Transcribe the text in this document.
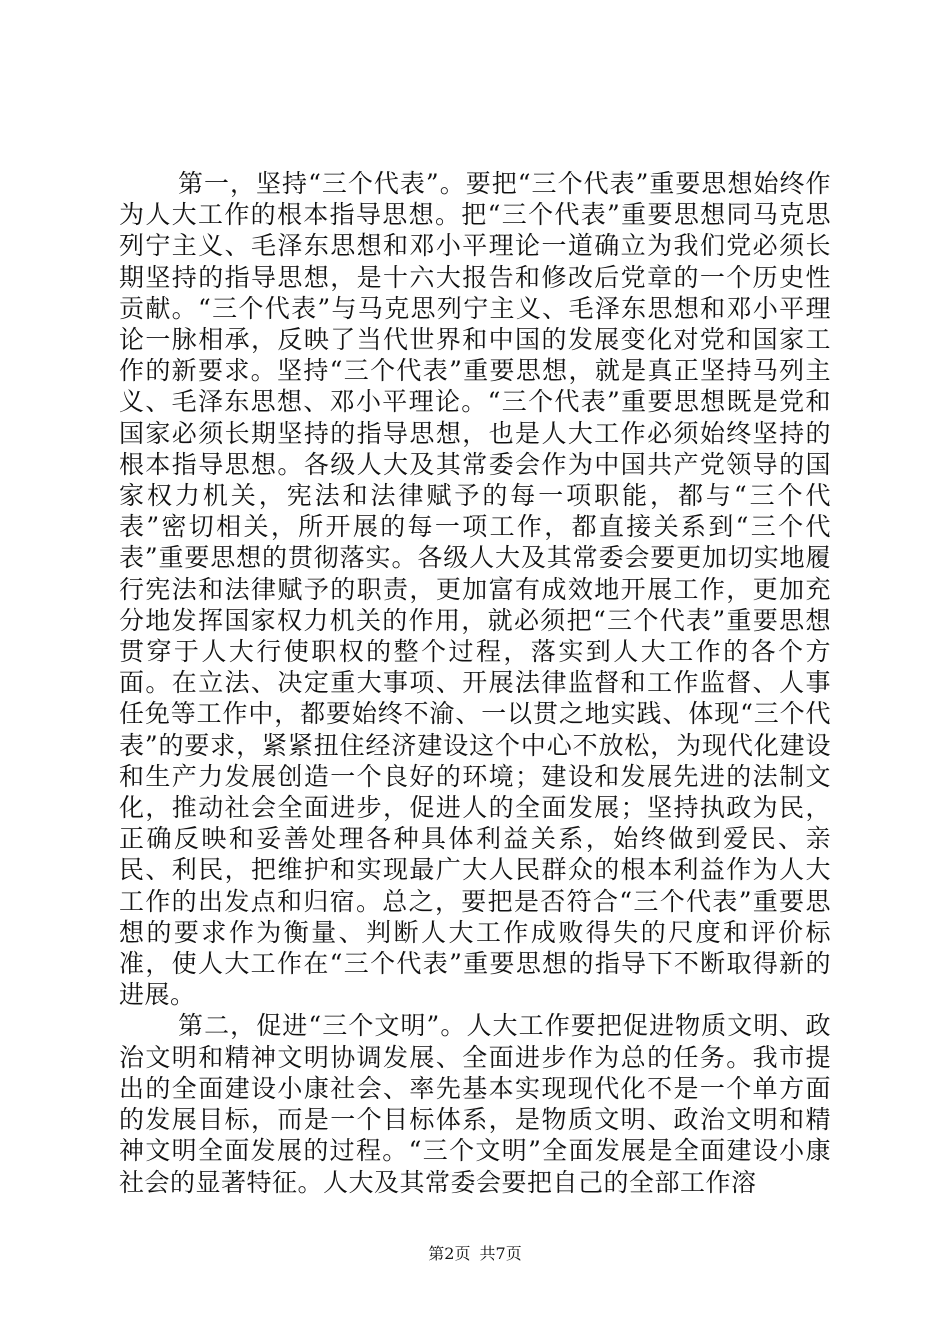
第一，坚持“三个代表”。要把“三个代表”重要思想始终作为人大工作的根本指导思想。把“三个代表”重要思想同马克思列宁主义、毛泽东思想和邓小平理论一道确立为我们党必须长期坚持的指导思想，是十六大报告和修改后党章的一个历史性贡献。“三个代表”与马克思列宁主义、毛泽东思想和邓小平理论一脉相承，反映了当代世界和中国的发展变化对党和国家工作的新要求。坚持“三个代表”重要思想，就是真正坚持马列主义、毛泽东思想、邓小平理论。“三个代表”重要思想既是党和国家必须长期坚持的指导思想，也是人大工作必须始终坚持的根本指导思想。各级人大及其常委会作为中国共产党领导的国家权力机关，宪法和法律赋予的每一项职能，都与“三个代表”密切相关，所开展的每一项工作，都直接关系到“三个代表”重要思想的贯彻落实。各级人大及其常委会要更加切实地履行宪法和法律赋予的职责，更加富有成效地开展工作，更加充分地发挥国家权力机关的作用，就必须把“三个代表”重要思想贯穿于人大行使职权的整个过程，落实到人大工作的各个方面。在立法、决定重大事项、开展法律监督和工作监督、人事任免等工作中，都要始终不渝、一以贯之地实践、体现“三个代表”的要求，紧紧扭住经济建设这个中心不放松，为现代化建设和生产力发展创造一个良好的环境；建设和发展先进的法制文化，推动社会全面进步，促进人的全面发展；坚持执政为民，正确反映和妥善处理各种具体利益关系，始终做到爱民、亲民、利民，把维护和实现最广大人民群众的根本利益作为人大工作的出发点和归宿。总之，要把是否符合“三个代表”重要思想的要求作为衡量、判断人大工作成败得失的尺度和评价标准，使人大工作在“三个代表”重要思想的指导下不断取得新的进展。

第二，促进“三个文明”。人大工作要把促进物质文明、政治文明和精神文明协调发展、全面进步作为总的任务。我市提出的全面建设小康社会、率先基本实现现代化不是一个单方面的发展目标，而是一个目标体系，是物质文明、政治文明和精神文明全面发展的过程。“三个文明”全面发展是全面建设小康社会的显著特征。人大及其常委会要把自己的全部工作溶

第2页 共7页
